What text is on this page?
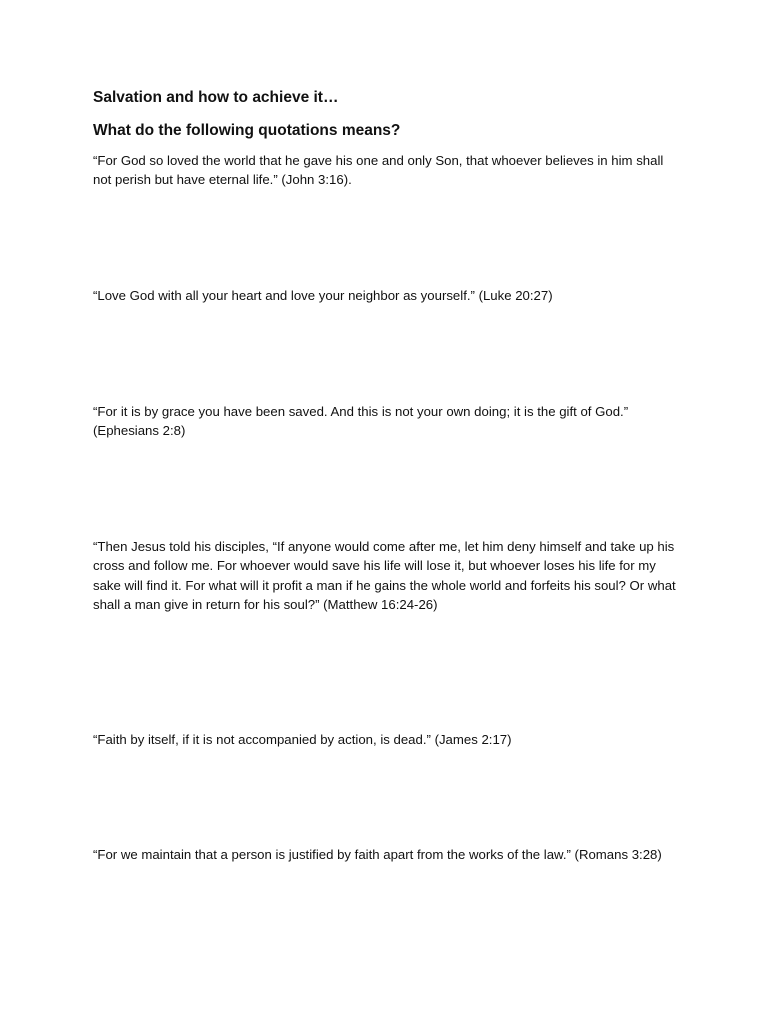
Salvation and how to achieve it…
What do the following quotations means?

“For God so loved the world that he gave his one and only Son, that whoever believes in him shall not perish but have eternal life.” (John 3:16).

“Love God with all your heart and love your neighbor as yourself.” (Luke 20:27)

“For it is by grace you have been saved. And this is not your own doing; it is the gift of God.” (Ephesians 2:8)

“Then Jesus told his disciples, “If anyone would come after me, let him deny himself and take up his cross and follow me. For whoever would save his life will lose it, but whoever loses his life for my sake will find it. For what will it profit a man if he gains the whole world and forfeits his soul? Or what shall a man give in return for his soul?” (Matthew 16:24-26)

“Faith by itself, if it is not accompanied by action, is dead.” (James 2:17)

“For we maintain that a person is justified by faith apart from the works of the law.” (Romans 3:28)
